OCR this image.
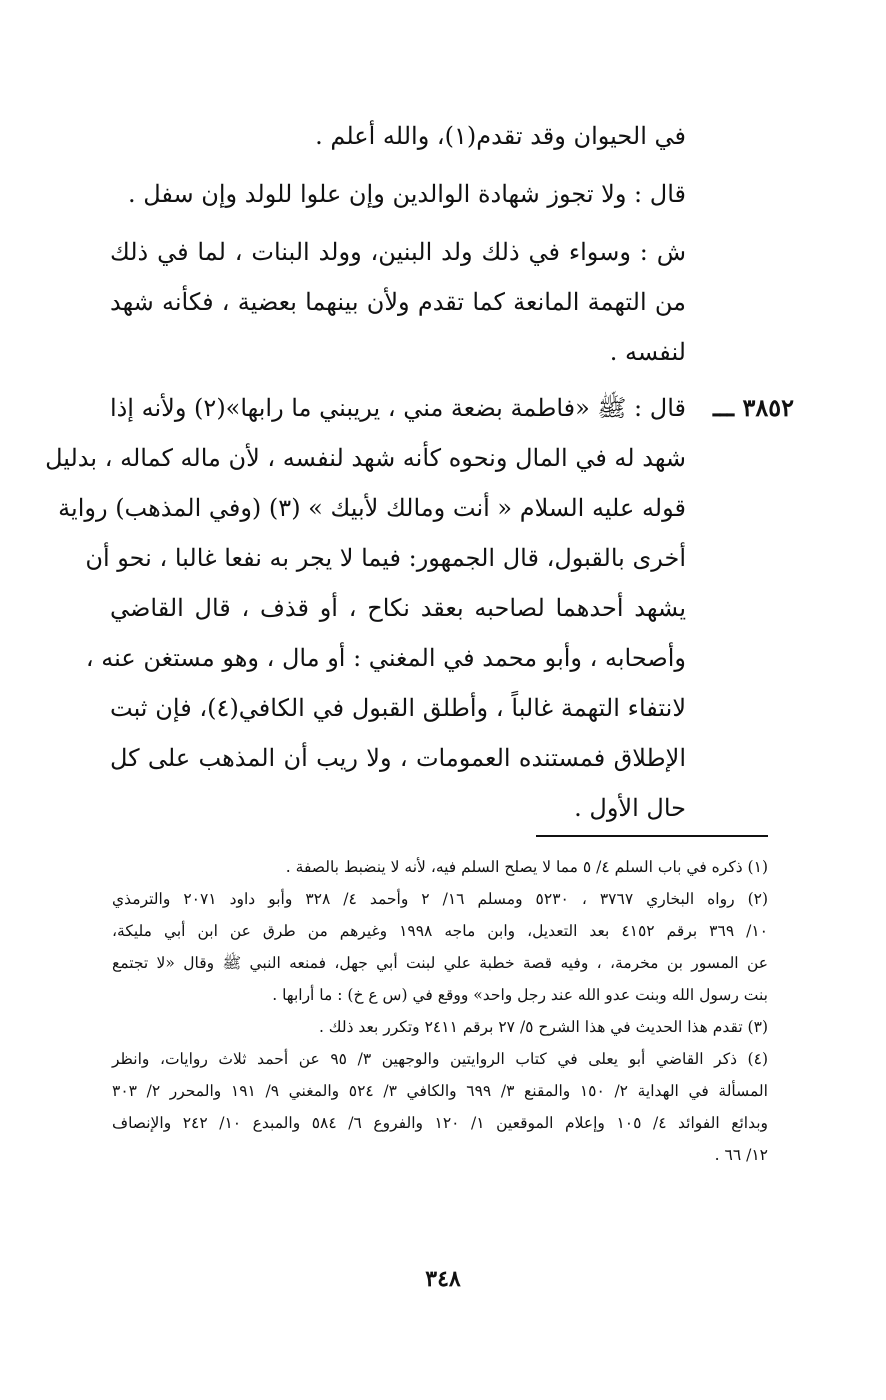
في الحيوان وقد تقدم(١)، والله أعلم .
قال : ولا تجوز شهادة الوالدين وإن علوا للولد وإن سفل .
ش : وسواء في ذلك ولد البنين، وولد البنات ، لما في ذلك
من التهمة المانعة كما تقدم ولأن بينهما بعضية ، فكأنه شهد
لنفسه .
٣٨٥٢ ـــ
قال : ﷺ «فاطمة بضعة مني ، يريبني ما رابها»(٢) ولأنه إذا
شهد له في المال ونحوه كأنه شهد لنفسه ، لأن ماله كماله ، بدليل
قوله عليه السلام « أنت ومالك لأبيك » (٣) (وفي المذهب) رواية
أخرى بالقبول، قال الجمهور: فيما لا يجر به نفعا غالبا ، نحو أن
يشهد أحدهما لصاحبه بعقد نكاح ، أو قذف ، قال القاضي
وأصحابه ، وأبو محمد في المغني : أو مال ، وهو مستغن عنه ،
لانتفاء التهمة غالباً ، وأطلق القبول في الكافي(٤)، فإن ثبت
الإطلاق فمستنده العمومات ، ولا ريب أن المذهب على كل
حال الأول .
(١) ذكره في باب السلم ٤/ ٥ مما لا يصلح السلم فيه، لأنه لا ينضبط بالصفة .
(٢) رواه البخاري ٣٧٦٧ ، ٥٢٣٠ ومسلم ١٦/ ٢ وأحمد ٤/ ٣٢٨ وأبو داود ٢٠٧١ والترمذي
١٠/ ٣٦٩ برقم ٤١٥٢ بعد التعديل، وابن ماجه ١٩٩٨ وغيرهم من طرق عن ابن أبي مليكة،
عن المسور بن مخرمة، ، وفيه قصة خطبة علي لبنت أبي جهل، فمنعه النبي ﷺ وقال «لا تجتمع
بنت رسول الله وبنت عدو الله عند رجل واحد» ووقع في (س ع خ) : ما أرابها .
(٣) تقدم هذا الحديث في هذا الشرح ٥/ ٢٧ برقم ٢٤١١ وتكرر بعد ذلك .
(٤) ذكر القاضي أبو يعلى في كتاب الروايتين والوجهين ٣/ ٩٥ عن أحمد ثلاث روايات، وانظر
المسألة في الهداية ٢/ ١٥٠ والمقنع ٣/ ٦٩٩ والكافي ٣/ ٥٢٤ والمغني ٩/ ١٩١ والمحرر ٢/ ٣٠٣
وبدائع الفوائد ٤/ ١٠٥ وإعلام الموقعين ١/ ١٢٠ والفروع ٦/ ٥٨٤ والمبدع ١٠/ ٢٤٢ والإنصاف
١٢/ ٦٦ .
٣٤٨
